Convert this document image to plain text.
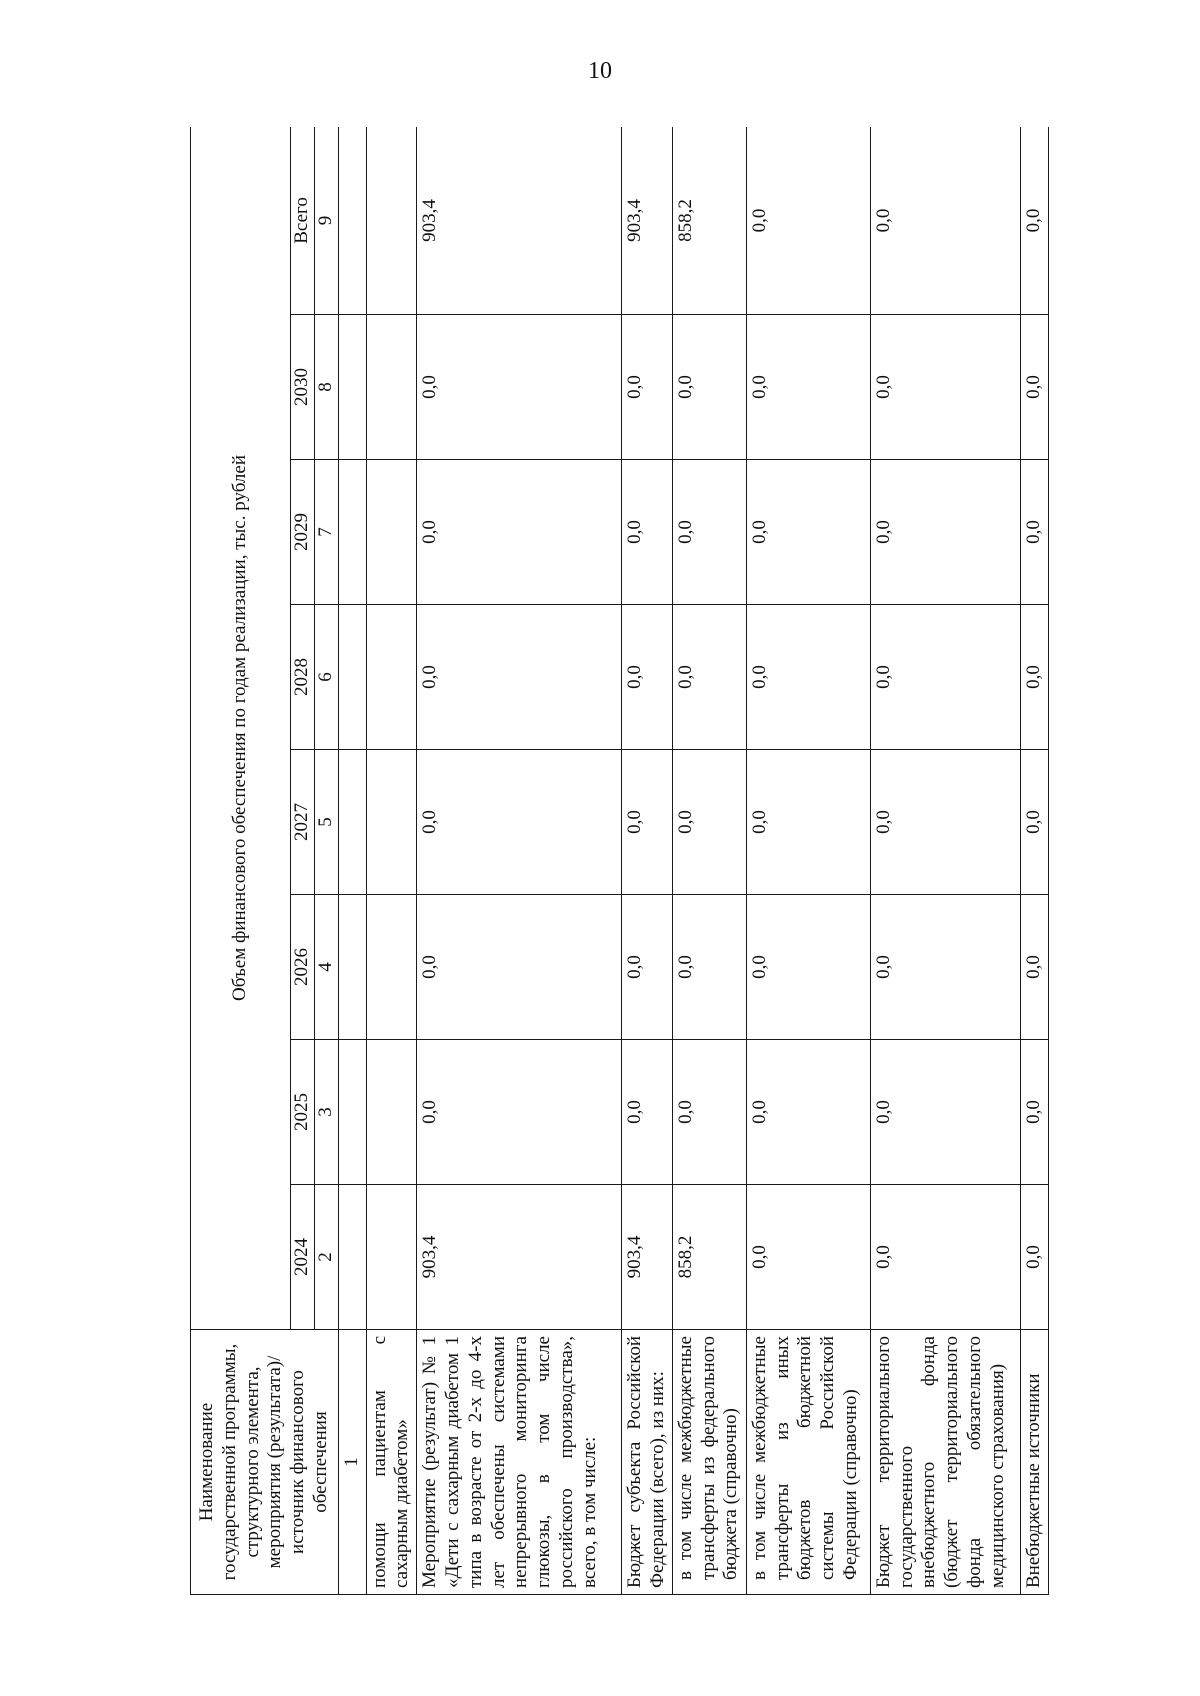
10
Наименование государственной программы, структурного элемента, мероприятия (результата)/источник финансового обеспечения	Объем финансового обеспечения по годам реализации, тыс. рублей							
	2024	2025	2026	2027	2028	2029	2030	Всего
	2	3	4	5	6	7	8	9
1								
помощи пациентам с сахарным диабетом»								
Мероприятие (результат) № 1 «Дети с сахарным диабетом 1 типа в возрасте от 2-х до 4-х лет обеспечены системами непрерывного мониторинга глюкозы, в том числе российского производства», всего, в том числе:	903,4	0,0	0,0	0,0	0,0	0,0	0,0	903,4
Бюджет субъекта Российской Федерации (всего), из них:	903,4	0,0	0,0	0,0	0,0	0,0	0,0	903,4
в том числе межбюджетные трансферты из федерального бюджета (справочно)	858,2	0,0	0,0	0,0	0,0	0,0	0,0	858,2
в том числе межбюджетные трансферты из иных бюджетов бюджетной системы Российской Федерации (справочно)	0,0	0,0	0,0	0,0	0,0	0,0	0,0	0,0
Бюджет территориального государственного внебюджетного фонда (бюджет территориального фонда обязательного медицинского страхования)	0,0	0,0	0,0	0,0	0,0	0,0	0,0	0,0
Внебюджетные источники	0,0	0,0	0,0	0,0	0,0	0,0	0,0	0,0
